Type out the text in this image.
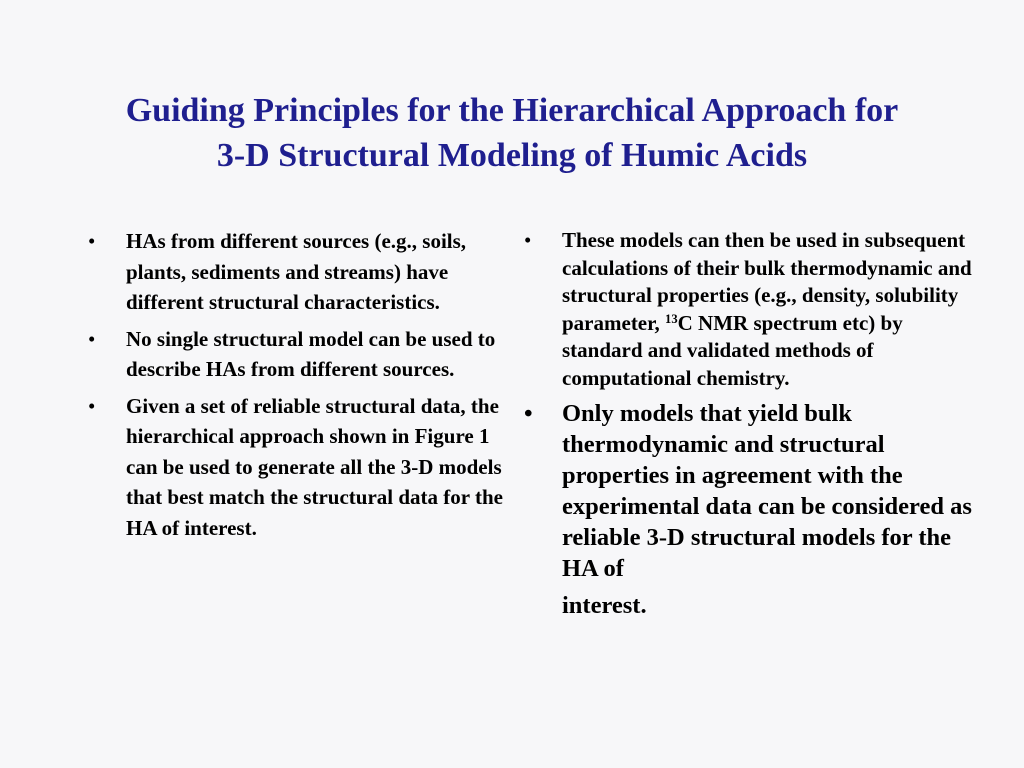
Guiding Principles for the Hierarchical Approach for
3-D Structural Modeling of Humic Acids
• HAs from different sources (e.g., soils, plants, sediments and streams) have different structural characteristics.
• No single structural model can be used to describe HAs from different sources.
• Given a set of reliable structural data, the hierarchical approach shown in Figure 1 can be used to generate all the 3-D models that best match the structural data for the HA of interest.
• These models can then be used in subsequent calculations of their bulk thermodynamic and structural properties (e.g., density, solubility parameter, $^{13}$C NMR spectrum etc) by standard and validated methods of computational chemistry.
• Only models that yield bulk thermodynamic and structural properties in agreement with the experimental data can be considered as reliable 3-D structural models for the HA of
interest.
